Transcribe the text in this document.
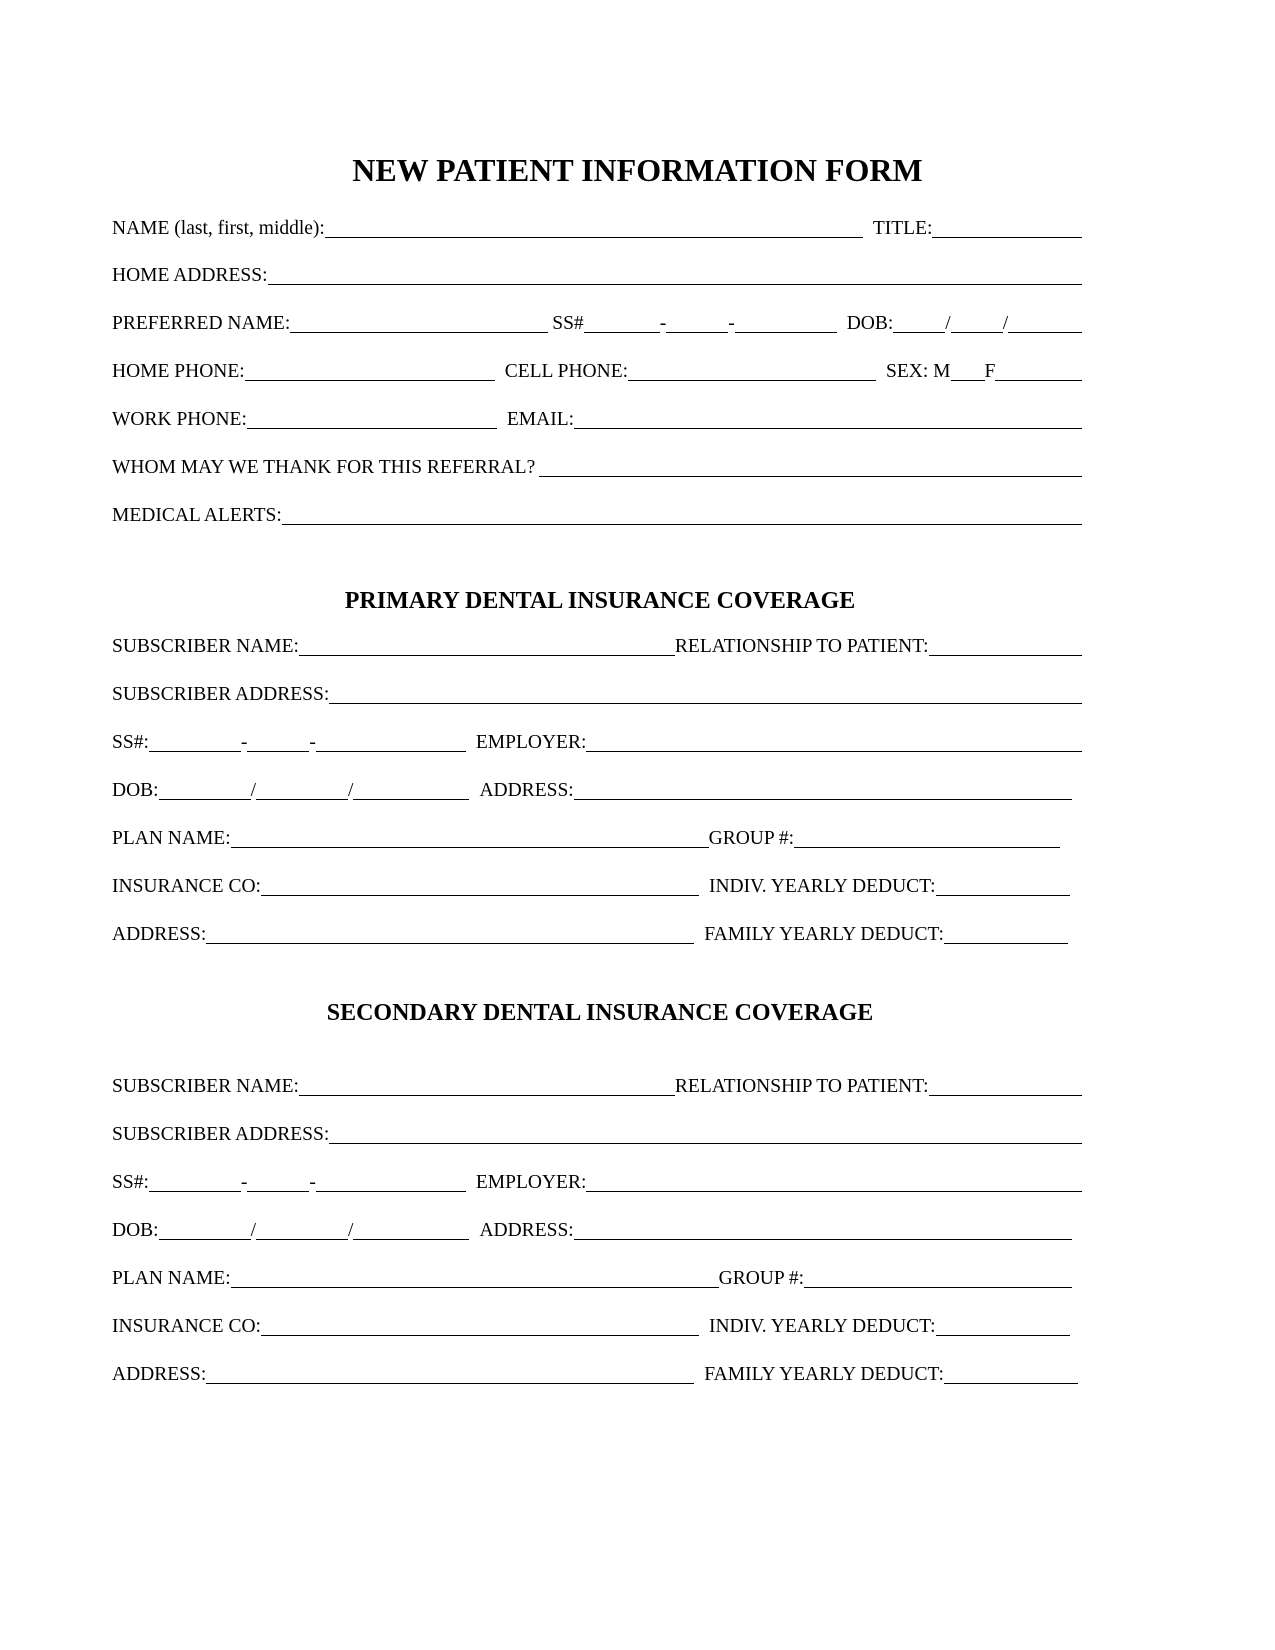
NEW PATIENT INFORMATION FORM
NAME (last, first, middle):	TITLE:
HOME ADDRESS:
PREFERRED NAME:	SS#	-	-	DOB:	/	/
HOME PHONE:	CELL PHONE:	SEX: M F
WORK PHONE:	EMAIL:
WHOM MAY WE THANK FOR THIS REFERRAL?
MEDICAL ALERTS:
PRIMARY DENTAL INSURANCE COVERAGE
SUBSCRIBER NAME:	RELATIONSHIP TO PATIENT:
SUBSCRIBER ADDRESS:
SS#:	-	-	EMPLOYER:
DOB:	/	/	ADDRESS:
PLAN NAME:	GROUP #:
INSURANCE CO:	INDIV. YEARLY DEDUCT:
ADDRESS:	FAMILY YEARLY DEDUCT:
SECONDARY DENTAL INSURANCE COVERAGE
SUBSCRIBER NAME:	RELATIONSHIP TO PATIENT:
SUBSCRIBER ADDRESS:
SS#:	-	-	EMPLOYER:
DOB:	/	/	ADDRESS:
PLAN NAME:	GROUP #:
INSURANCE CO:	INDIV. YEARLY DEDUCT:
ADDRESS:	FAMILY YEARLY DEDUCT:
